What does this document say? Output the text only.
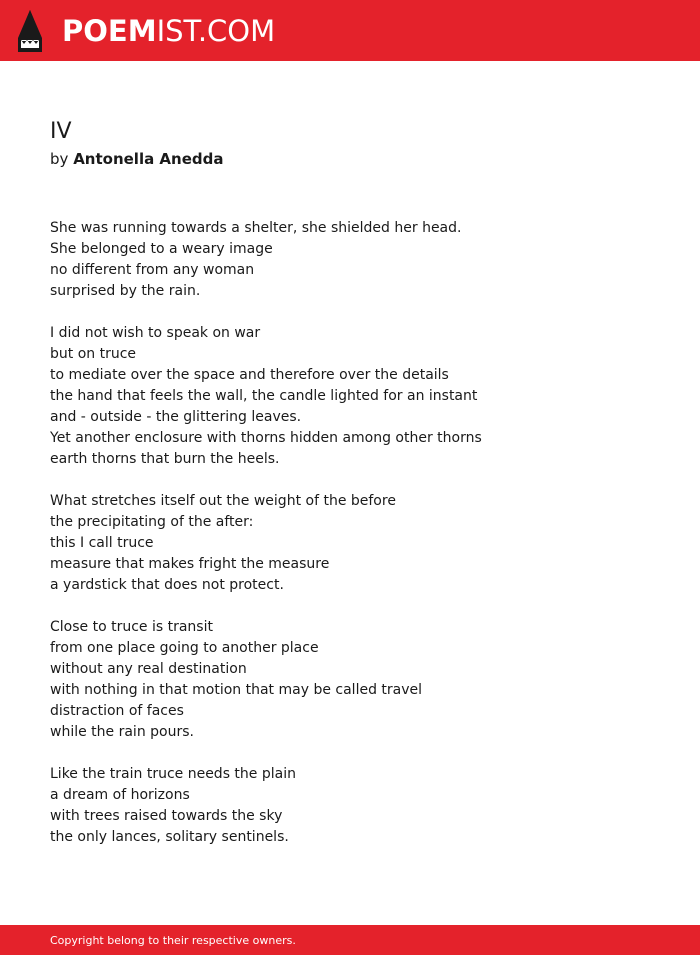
POEMIST.COM
IV
by Antonella Anedda
She was running towards a shelter, she shielded her head.
She belonged to a weary image
no different from any woman
surprised by the rain.
I did not wish to speak on war
but on truce
to mediate over the space and therefore over the details
the hand that feels the wall, the candle lighted for an instant
and - outside - the glittering leaves.
Yet another enclosure with thorns hidden among other thorns
earth thorns that burn the heels.
What stretches itself out the weight of the before
the precipitating of the after:
this I call truce
measure that makes fright the measure
a yardstick that does not protect.
Close to truce is transit
from one place going to another place
without any real destination
with nothing in that motion that may be called travel
distraction of faces
while the rain pours.
Like the train truce needs the plain
a dream of horizons
with trees raised towards the sky
the only lances, solitary sentinels.
Copyright belong to their respective owners.
